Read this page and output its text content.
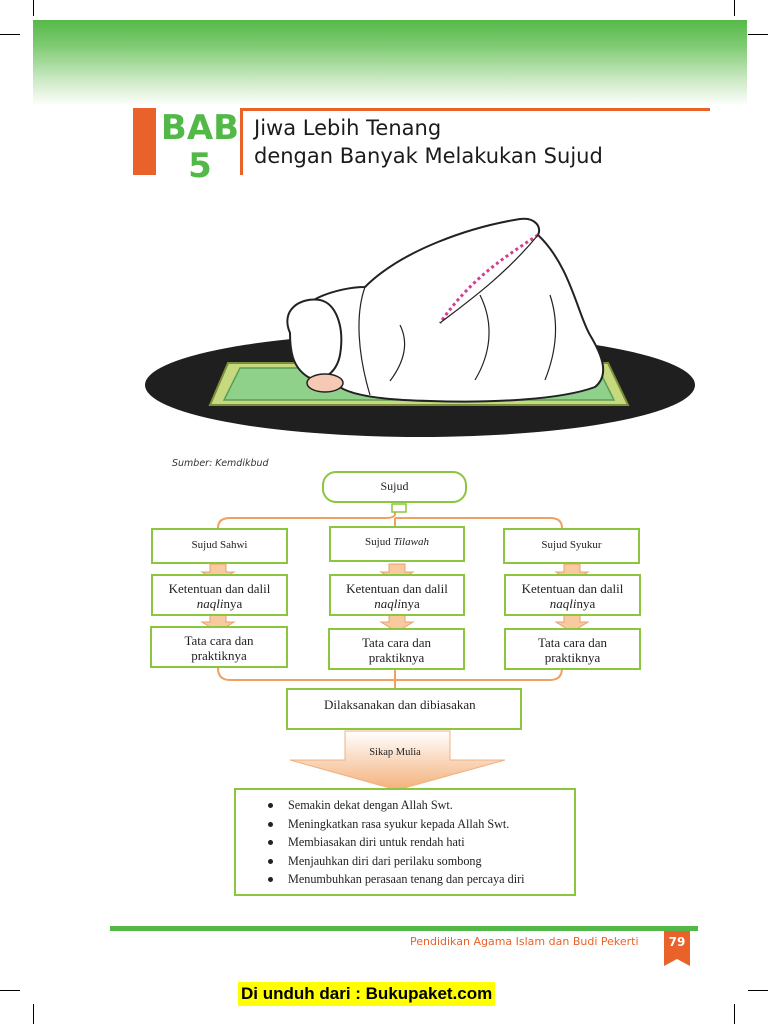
BAB
5
Jiwa Lebih Tenang
dengan Banyak Melakukan Sujud
Sumber: Kemdikbud
Sujud
Sujud Sahwi	Sujud Tilawah	Sujud Syukur
Ketentuan dan dalil
naqlinya
Ketentuan dan dalil
naqlinya
Ketentuan dan dalil
naqlinya
Tata cara dan
praktiknya
Tata cara dan
praktiknya
Tata cara dan
praktiknya
Dilaksanakan dan dibiasakan
Sikap Mulia
Semakin dekat dengan Allah Swt.
Meningkatkan rasa syukur kepada Allah Swt.
Membiasakan diri untuk rendah hati
Menjauhkan diri dari perilaku sombong
Menumbuhkan perasaan tenang dan percaya diri
Pendidikan Agama Islam dan Budi Pekerti	79
Di unduh dari : Bukupaket.com
